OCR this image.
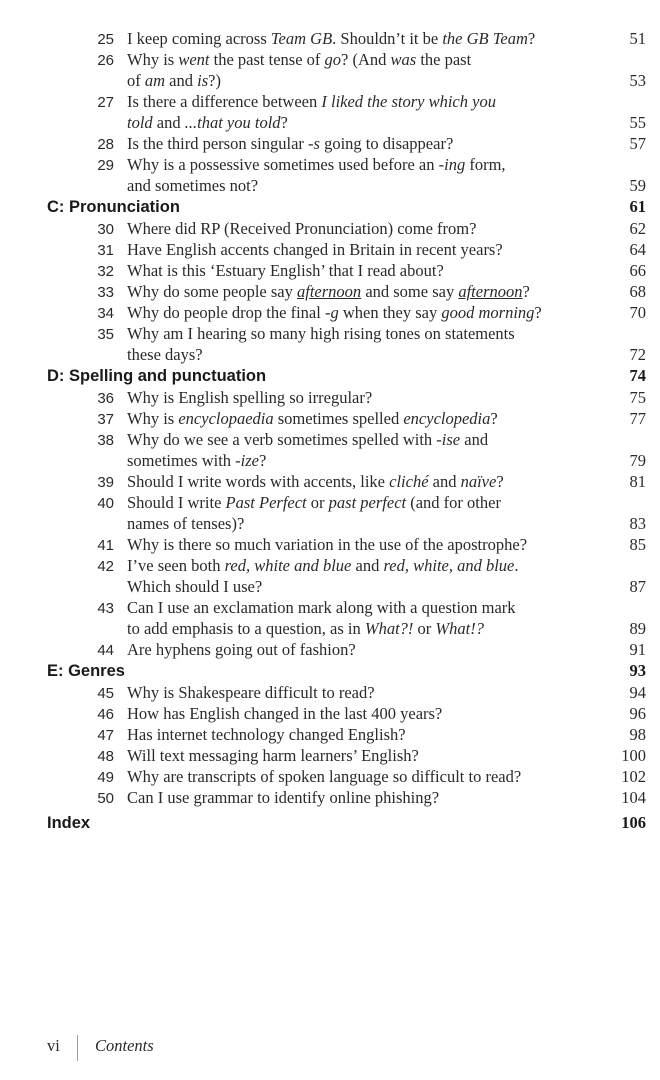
25 I keep coming across Team GB. Shouldn’t it be the GB Team?	51
26 Why is went the past tense of go? (And was the past
of am and is?)	53
27 Is there a difference between I liked the story which you
told and ...that you told?	55
28 Is the third person singular -s going to disappear?	57
29 Why is a possessive sometimes used before an -ing form,
and sometimes not?	59
C: Pronunciation	61
30 Where did RP (Received Pronunciation) come from?	62
31 Have English accents changed in Britain in recent years?	64
32 What is this ‘Estuary English’ that I read about?	66
33 Why do some people say afternoon and some say afternoon?	68
34 Why do people drop the final -g when they say good morning?	70
35 Why am I hearing so many high rising tones on statements
these days?	72
D: Spelling and punctuation	74
36 Why is English spelling so irregular?	75
37 Why is encyclopaedia sometimes spelled encyclopedia?	77
38 Why do we see a verb sometimes spelled with -ise and
sometimes with -ize?	79
39 Should I write words with accents, like cliché and naïve?	81
40 Should I write Past Perfect or past perfect (and for other
names of tenses)?	83
41 Why is there so much variation in the use of the apostrophe?	85
42 I’ve seen both red, white and blue and red, white, and blue.
Which should I use?	87
43 Can I use an exclamation mark along with a question mark
to add emphasis to a question, as in What?! or What!?	89
44 Are hyphens going out of fashion?	91
E: Genres	93
45 Why is Shakespeare difficult to read?	94
46 How has English changed in the last 400 years?	96
47 Has internet technology changed English?	98
48 Will text messaging harm learners’ English?	100
49 Why are transcripts of spoken language so difficult to read?	102
50 Can I use grammar to identify online phishing?	104
Index	106
vi Contents
